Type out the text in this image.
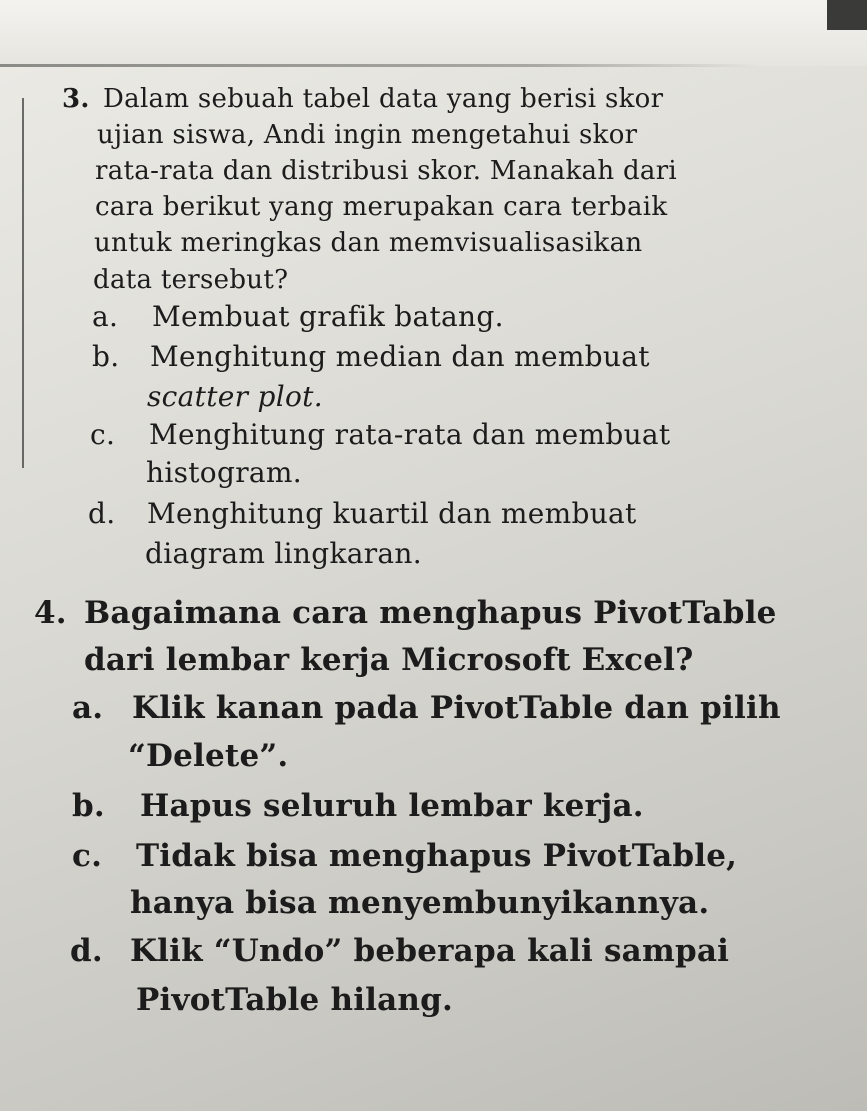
3. Dalam sebuah tabel data yang berisi skor

ujian siswa, Andi ingin mengetahui skor

rata-rata dan distribusi skor. Manakah dari

cara berikut yang merupakan cara terbaik

untuk meringkas dan memvisualisasikan

data tersebut?

a. Membuat grafik batang.
b. Menghitung median dan membuat
scatter plot.
c. Menghitung rata-rata dan membuat
histogram.
d. Menghitung kuartil dan membuat
diagram lingkaran.
4. Bagaimana cara menghapus PivotTable

dari lembar kerja Microsoft Excel?

a. Klik kanan pada PivotTable dan pilih
“Delete”.
b. Hapus seluruh lembar kerja.
c. Tidak bisa menghapus PivotTable,
hanya bisa menyembunyikannya.
d. Klik “Undo” beberapa kali sampai
PivotTable hilang.
